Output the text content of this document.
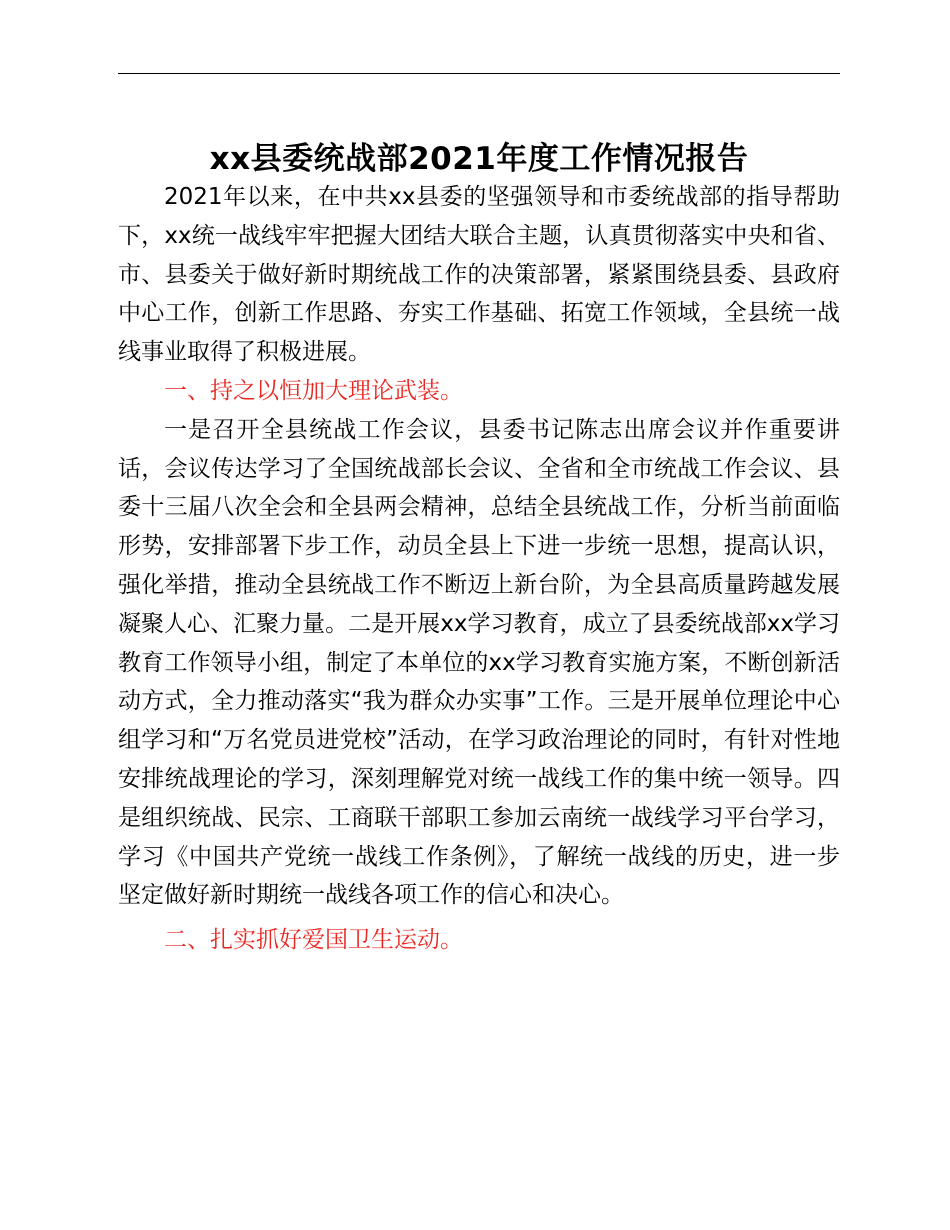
xx县委统战部2021年度工作情况报告

2021年以来，在中共xx县委的坚强领导和市委统战部的指导帮助下，xx统一战线牢牢把握大团结大联合主题，认真贯彻落实中央和省、市、县委关于做好新时期统战工作的决策部署，紧紧围绕县委、县政府中心工作，创新工作思路、夯实工作基础、拓宽工作领域，全县统一战线事业取得了积极进展。

一、持之以恒加大理论武装。

一是召开全县统战工作会议，县委书记陈志出席会议并作重要讲话，会议传达学习了全国统战部长会议、全省和全市统战工作会议、县委十三届八次全会和全县两会精神，总结全县统战工作，分析当前面临形势，安排部署下步工作，动员全县上下进一步统一思想，提高认识，强化举措，推动全县统战工作不断迈上新台阶，为全县高质量跨越发展凝聚人心、汇聚力量。二是开展xx学习教育，成立了县委统战部xx学习教育工作领导小组，制定了本单位的xx学习教育实施方案，不断创新活动方式，全力推动落实“我为群众办实事”工作。三是开展单位理论中心组学习和“万名党员进党校”活动，在学习政治理论的同时，有针对性地安排统战理论的学习，深刻理解党对统一战线工作的集中统一领导。四是组织统战、民宗、工商联干部职工参加云南统一战线学习平台学习，学习《中国共产党统一战线工作条例》，了解统一战线的历史，进一步坚定做好新时期统一战线各项工作的信心和决心。

二、扎实抓好爱国卫生运动。
